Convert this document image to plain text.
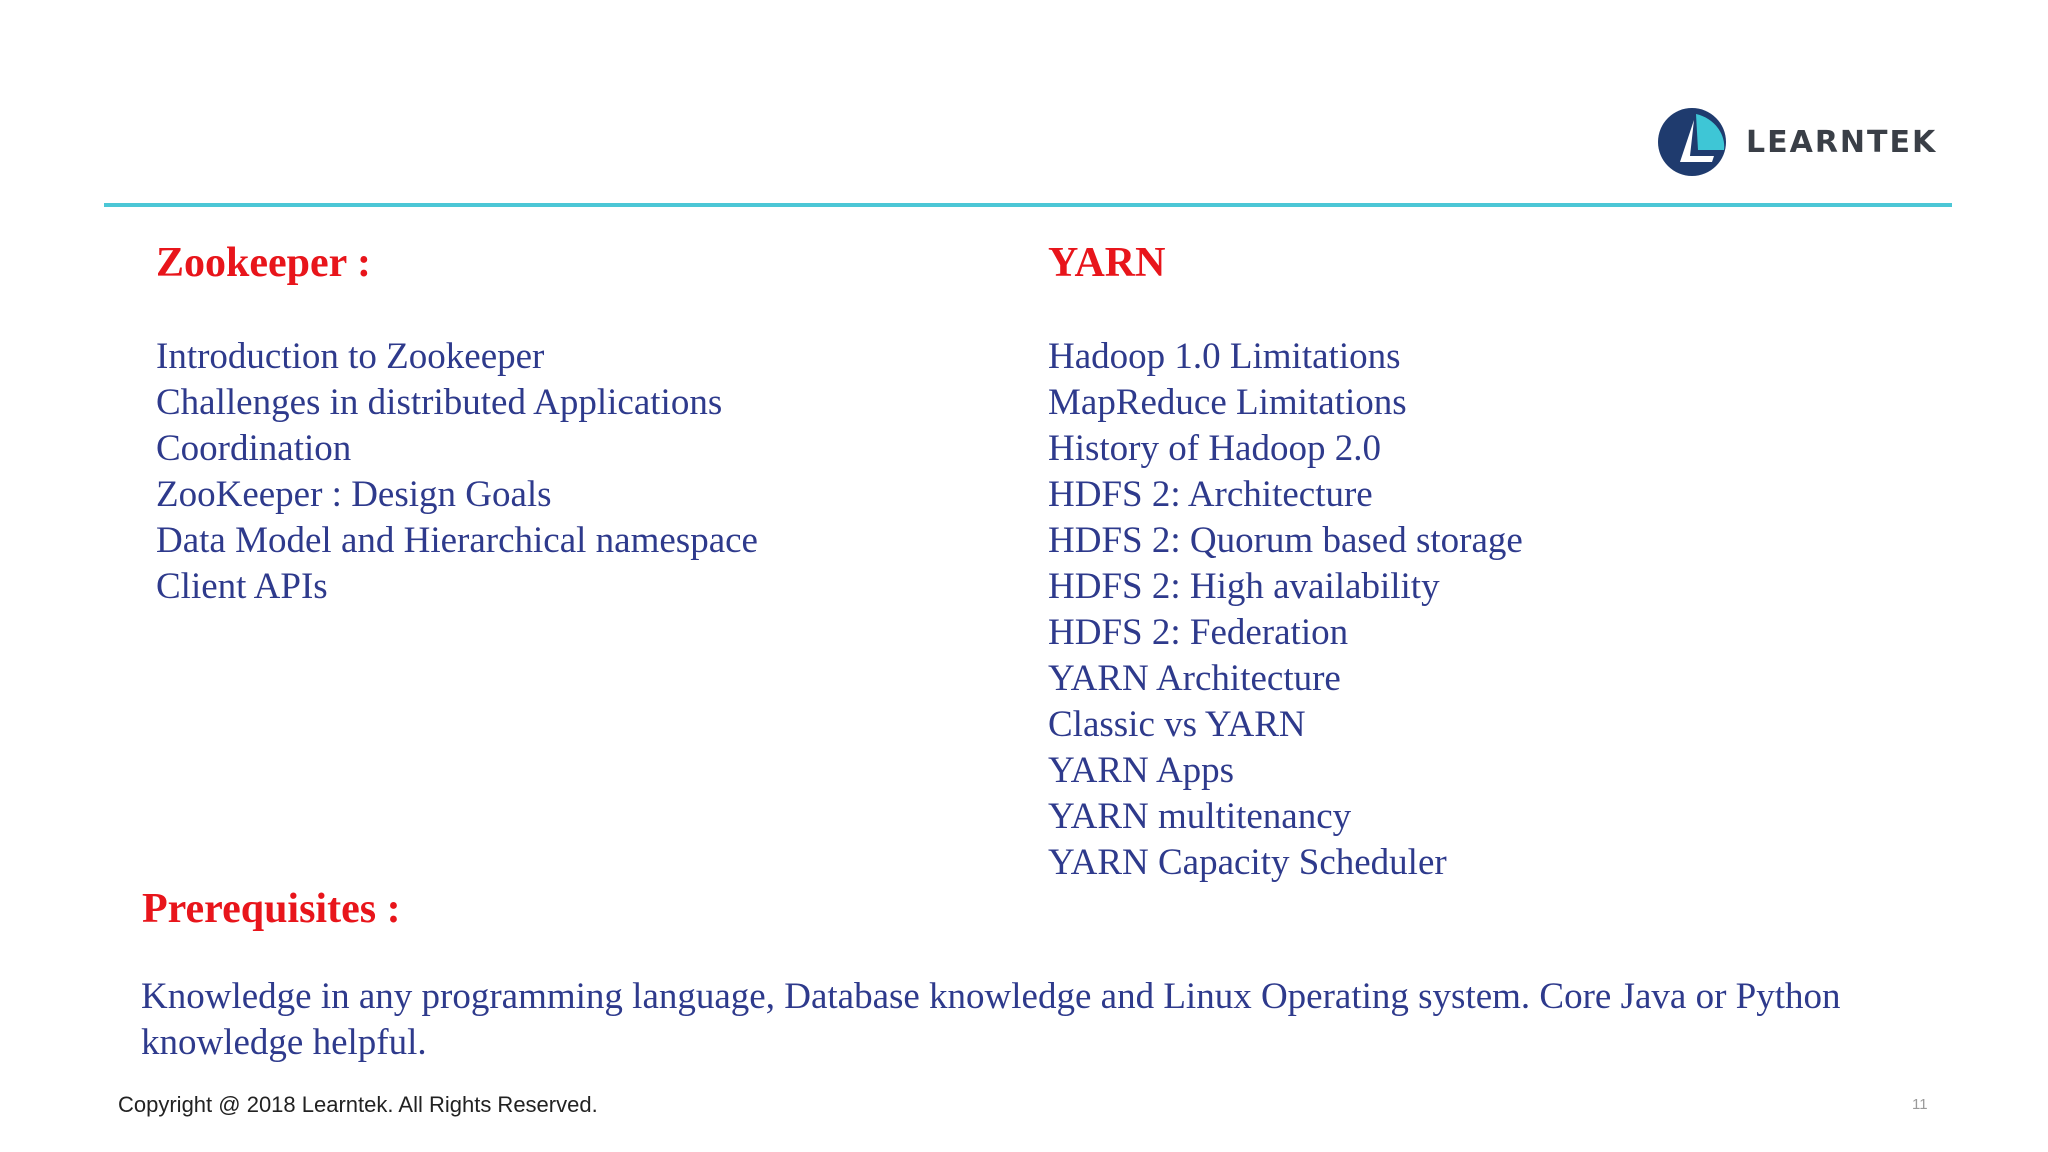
LEARNTEK
Zookeeper :
Introduction to Zookeeper
Challenges in distributed Applications
Coordination
ZooKeeper : Design Goals
Data Model and Hierarchical namespace
Client APIs
YARN
Hadoop 1.0 Limitations
MapReduce Limitations
History of Hadoop 2.0
HDFS 2: Architecture
HDFS 2: Quorum based storage
HDFS 2: High availability
HDFS 2: Federation
YARN Architecture
Classic vs YARN
YARN Apps
YARN multitenancy
YARN Capacity Scheduler
Prerequisites :

Knowledge in any programming language, Database knowledge and Linux Operating system. Core Java or Python knowledge helpful.

Copyright @ 2018 Learntek. All Rights Reserved.	11
